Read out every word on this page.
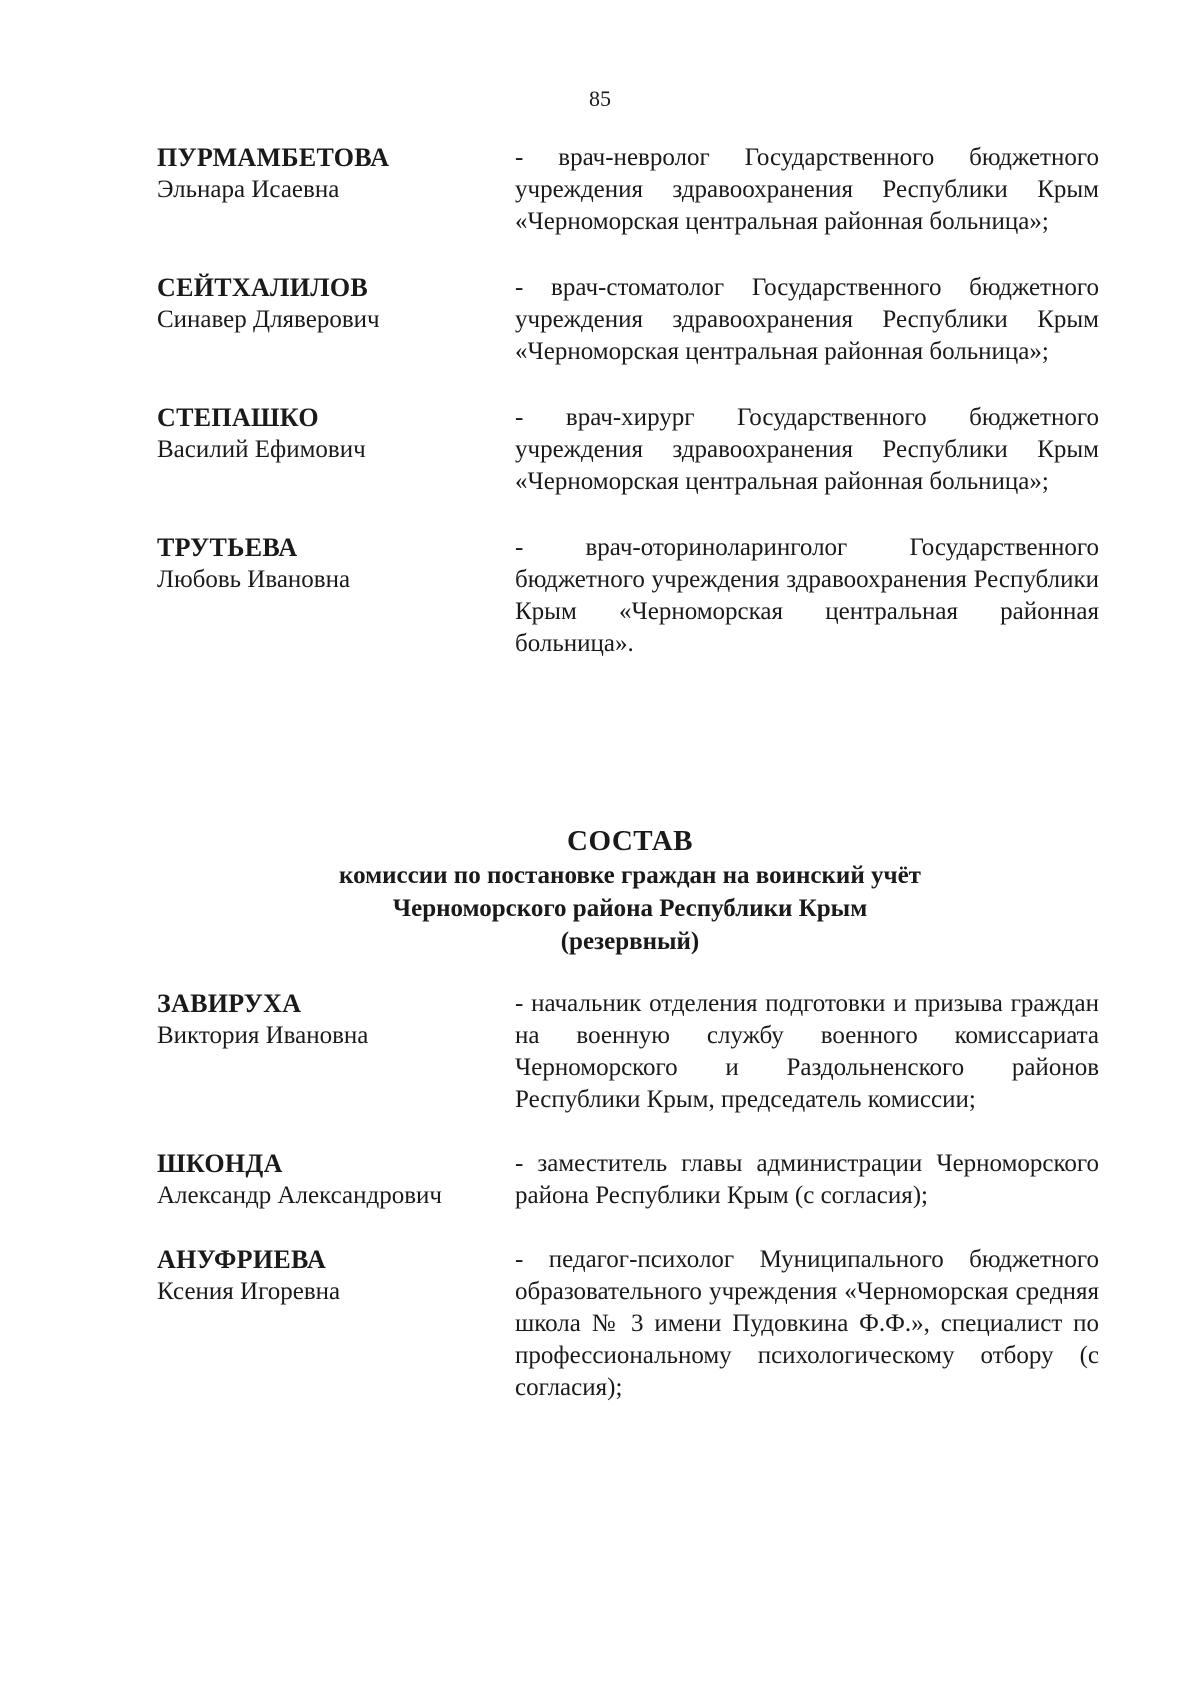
85
ПУРМАМБЕТОВА
Эльнара Исаевна
- врач-невролог Государственного бюджетного учреждения здравоохранения Республики Крым «Черноморская центральная районная больница»;
СЕЙТХАЛИЛОВ
Синавер Дляверович
- врач-стоматолог Государственного бюджетного учреждения здравоохранения Республики Крым «Черноморская центральная районная больница»;
СТЕПАШКО
Василий Ефимович
- врач-хирург Государственного бюджетного учреждения здравоохранения Республики Крым «Черноморская центральная районная больница»;
ТРУТЬЕВА
Любовь Ивановна
- врач-оториноларинголог Государственного бюджетного учреждения здравоохранения Республики Крым «Черноморская центральная районная больница».
СОСТАВ
комиссии по постановке граждан на воинский учёт
Черноморского района Республики Крым
(резервный)
ЗАВИРУХА
Виктория Ивановна
- начальник отделения подготовки и призыва граждан на военную службу военного комиссариата Черноморского и Раздольненского районов Республики Крым, председатель комиссии;
ШКОНДА
Александр Александрович
- заместитель главы администрации Черноморского района Республики Крым (с согласия);
АНУФРИЕВА
Ксения Игоревна
- педагог-психолог Муниципального бюджетного образовательного учреждения «Черноморская средняя школа № 3 имени Пудовкина Ф.Ф.», специалист по профессиональному психологическому отбору (с согласия);
